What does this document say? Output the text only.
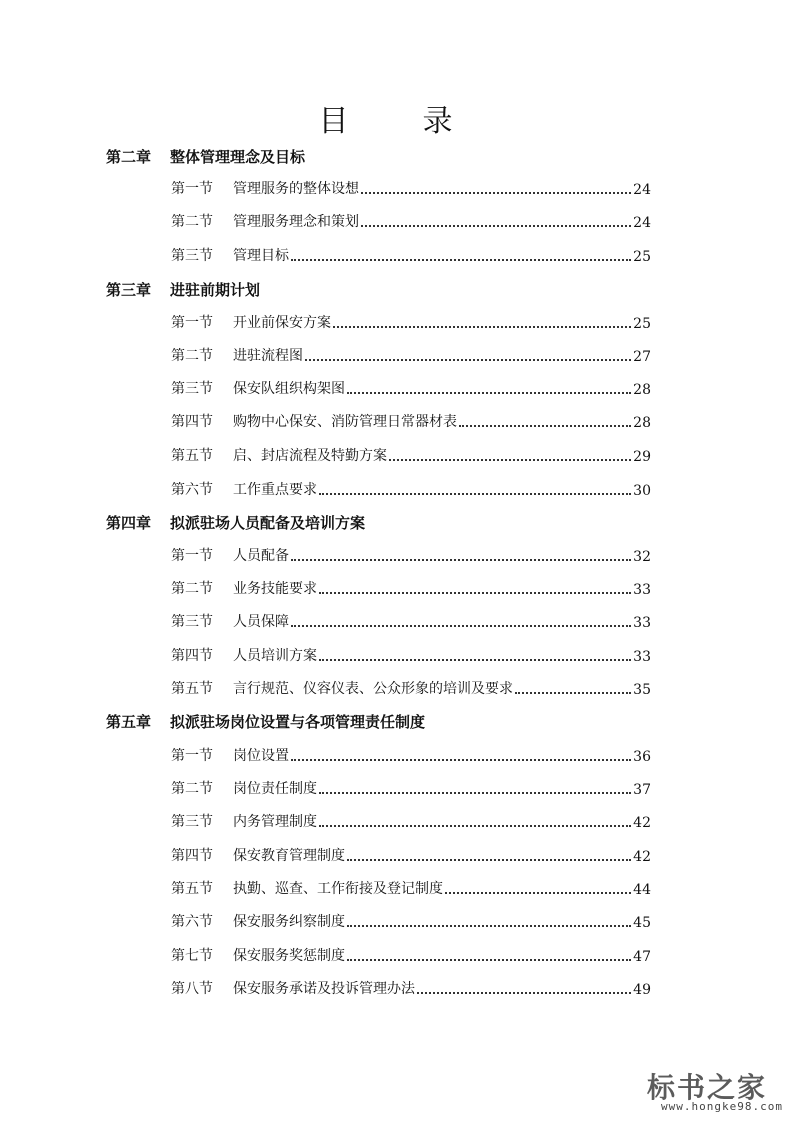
目　录
第二章 整体管理理念及目标
第一节	管理服务的整体设想	24
第二节	管理服务理念和策划	24
第三节	管理目标	25
第三章 进驻前期计划
第一节	开业前保安方案	25
第二节	进驻流程图	27
第三节	保安队组织构架图	28
第四节	购物中心保安、消防管理日常器材表	28
第五节	启、封店流程及特勤方案	29
第六节	工作重点要求	30
第四章 拟派驻场人员配备及培训方案
第一节	人员配备	32
第二节	业务技能要求	33
第三节	人员保障	33
第四节	人员培训方案	33
第五节	言行规范、仪容仪表、公众形象的培训及要求	35
第五章 拟派驻场岗位设置与各项管理责任制度
第一节	岗位设置	36
第二节	岗位责任制度	37
第三节	内务管理制度	42
第四节	保安教育管理制度	42
第五节	执勤、巡查、工作衔接及登记制度	44
第六节	保安服务纠察制度	45
第七节	保安服务奖惩制度	47
第八节	保安服务承诺及投诉管理办法	49
标书之家
www.hongke98.com
